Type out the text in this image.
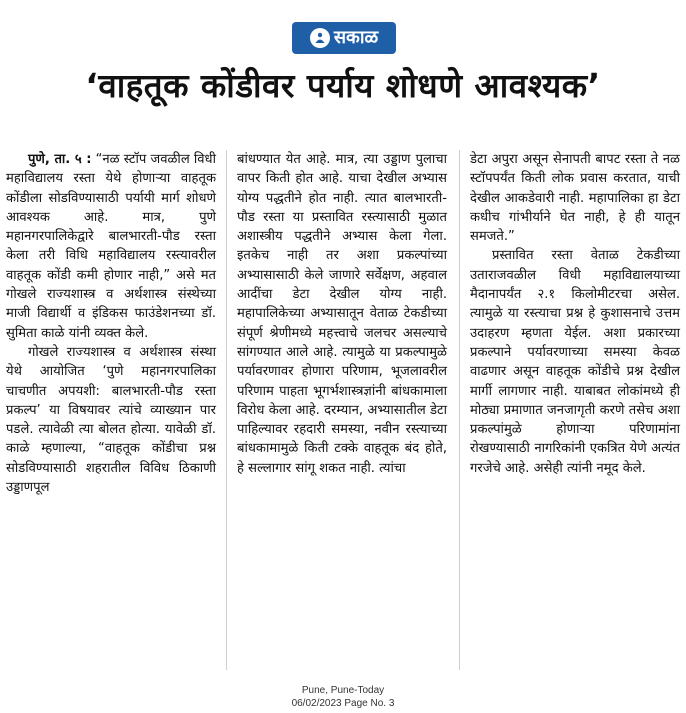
सकाळ
‘वाहतूक कोंडीवर पर्याय शोधणे आवश्यक’

पुणे, ता. ५ : “नळ स्टॉप जवळील विधी महाविद्यालय रस्ता येथे होणाऱ्या वाहतूक कोंडीला सोडविण्यासाठी पर्यायी मार्ग शोधणे आवश्यक आहे. मात्र, पुणे महानगरपालिकेद्वारे बालभारती-पौड रस्ता केला तरी विधि महाविद्यालय रस्त्यावरील वाहतूक कोंडी कमी होणार नाही,” असे मत गोखले राज्यशास्त्र व अर्थशास्त्र संस्थेच्या माजी विद्यार्थी व इंडिकस फाउंडेशनच्या डॉ. सुमिता काळे यांनी व्यक्त केले.

गोखले राज्यशास्त्र व अर्थशास्त्र संस्था येथे आयोजित ‘पुणे महानगरपालिका चाचणीत अपयशी: बालभारती-पौड रस्ता प्रकल्प’ या विषयावर त्यांचे व्याख्यान पार पडले. त्यावेळी त्या बोलत होत्या. यावेळी डॉ. काळे म्हणाल्या, “वाहतूक कोंडीचा प्रश्न सोडविण्यासाठी शहरातील विविध ठिकाणी उड्डाणपूल

बांधण्यात येत आहे. मात्र, त्या उड्डाण पुलाचा वापर किती होत आहे. याचा देखील अभ्यास योग्य पद्धतीने होत नाही. त्यात बालभारती-पौड रस्ता या प्रस्तावित रस्त्यासाठी मुळात अशास्त्रीय पद्धतीने अभ्यास केला गेला. इतकेच नाही तर अशा प्रकल्पांच्या अभ्यासासाठी केले जाणारे सर्वेक्षण, अहवाल आदींचा डेटा देखील योग्य नाही. महापालिकेच्या अभ्यासातून वेताळ टेकडीच्या संपूर्ण श्रेणीमध्ये महत्त्वाचे जलचर असल्याचे सांगण्यात आले आहे. त्यामुळे या प्रकल्पामुळे पर्यावरणावर होणारा परिणाम, भूजलावरील परिणाम पाहता भूगर्भशास्त्रज्ञांनी बांधकामाला विरोध केला आहे. दरम्यान, अभ्यासातील डेटा पाहिल्यावर रहदारी समस्या, नवीन रस्त्याच्या बांधकामामुळे किती टक्के वाहतूक बंद होते, हे सल्लागार सांगू शकत नाही. त्यांचा

डेटा अपुरा असून सेनापती बापट रस्ता ते नळ स्टॉपपर्यंत किती लोक प्रवास करतात, याची देखील आकडेवारी नाही. महापालिका हा डेटा कधीच गांभीर्याने घेत नाही, हे ही यातून समजते.”

प्रस्तावित रस्ता वेताळ टेकडीच्या उताराजवळील विधी महाविद्यालयाच्या मैदानापर्यंत २.१ किलोमीटरचा असेल. त्यामुळे या रस्त्याचा प्रश्न हे कुशासनाचे उत्तम उदाहरण म्हणता येईल. अशा प्रकारच्या प्रकल्पाने पर्यावरणाच्या समस्या केवळ वाढणार असून वाहतूक कोंडीचे प्रश्न देखील मार्गी लागणार नाही. याबाबत लोकांमध्ये ही मोठ्या प्रमाणात जनजागृती करणे तसेच अशा प्रकल्पांमुळे होणाऱ्या परिणामांना रोखण्यासाठी नागरिकांनी एकत्रित येणे अत्यंत गरजेचे आहे. असेही त्यांनी नमूद केले.

Pune, Pune-Today
06/02/2023 Page No. 3
